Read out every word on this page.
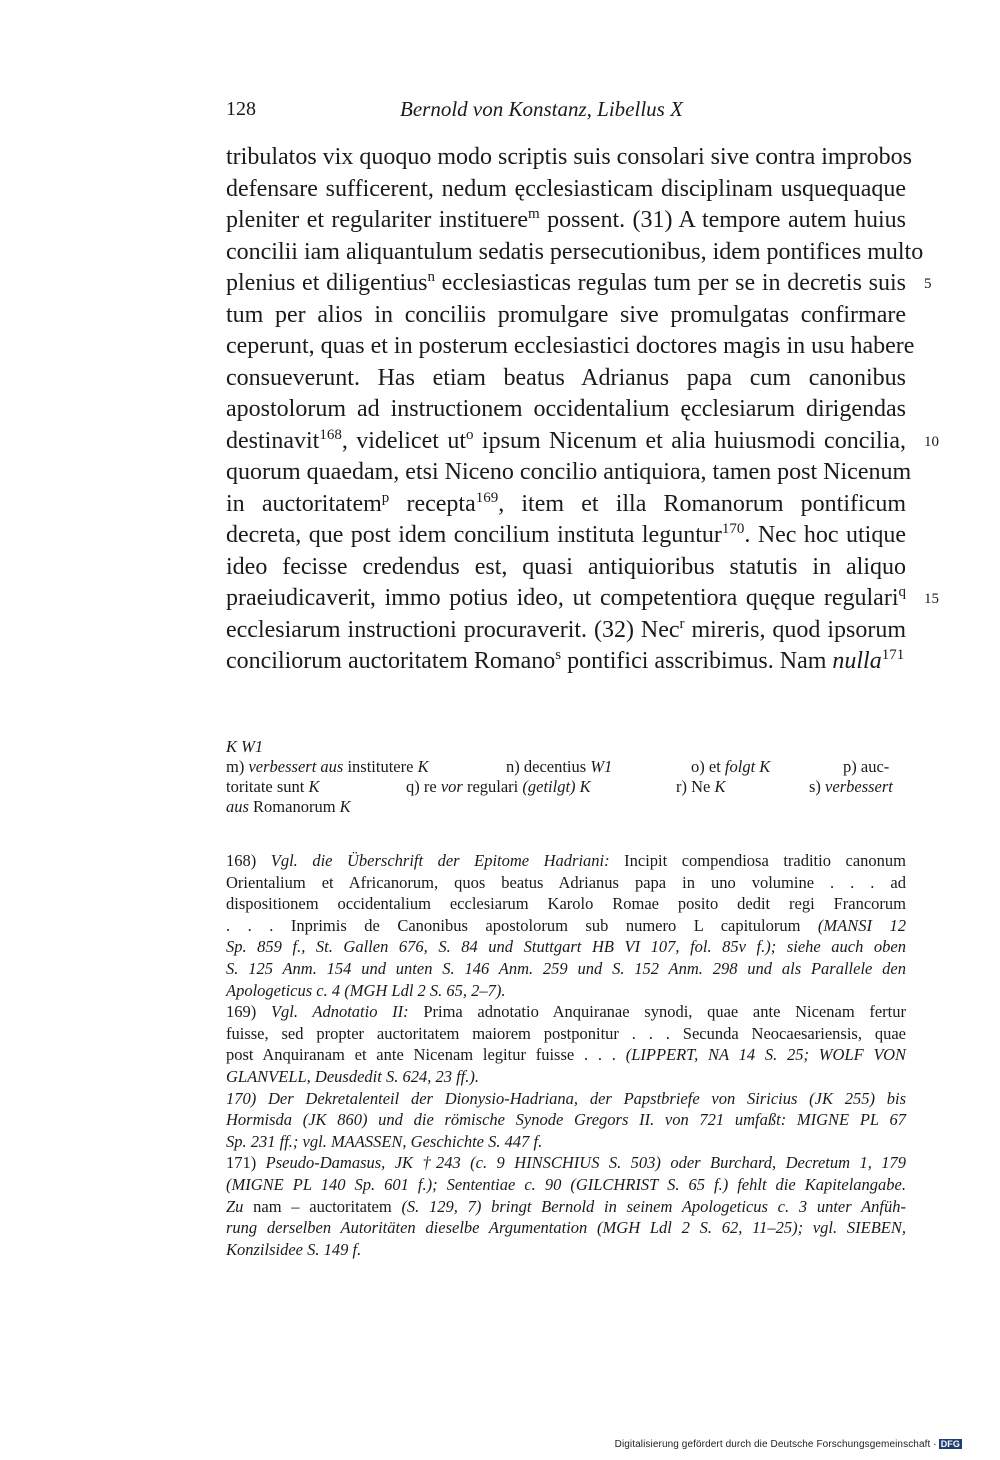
128	Bernold von Konstanz, Libellus X
tribulatos vix quoquo modo scriptis suis consolari sive contra improbos
defensare sufficerent, nedum ęcclesiasticam disciplinam usquequaque
pleniter et regulariter instituere$^m$ possent. (31) A tempore autem huius
concilii iam aliquantulum sedatis persecutionibus, idem pontifices multo
plenius et diligentius$^n$ ecclesiasticas regulas tum per se in decretis suis
tum per alios in conciliis promulgare sive promulgatas confirmare
ceperunt, quas et in posterum ecclesiastici doctores magis in usu habere
consueverunt. Has etiam beatus Adrianus papa cum canonibus
apostolorum ad instructionem occidentalium ęcclesiarum dirigendas
destinavit$^{168}$, videlicet $ut^o$ ipsum Nicenum et alia huiusmodi concilia,
quorum quaedam, etsi Niceno concilio antiquiora, tamen post Nicenum
in auctoritatem$^p$ recepta$^{169}$, item et illa Romanorum pontificum
decreta, que post idem concilium instituta leguntur$^{170}$. Nec hoc utique
ideo fecisse credendus est, quasi antiquioribus statutis in aliquo
praeiudicaverit, immo potius ideo, ut competentiora quęque regulari$^q$
ecclesiarum instructioni procuraverit. (32) Nec$^r$ mireris, quod ipsorum
conciliorum auctoritatem Romano$^s$ pontifici asscribimus. Nam nulla$^{171}$
5
10
15
K W1
m) verbessert aus institutere K	n) decentius W1	o) et folgt K	p) auc-
toritate sunt K	q) re vor regulari (getilgt) K	r) Ne K	s) verbessert
aus Romanorum K
168) Vgl. die Überschrift der Epitome Hadriani: Incipit compendiosa traditio canonum
Orientalium et Africanorum, quos beatus Adrianus papa in uno volumine . . . ad
dispositionem occidentalium ecclesiarum Karolo Romae posito dedit regi Francorum
. . . Inprimis de Canonibus apostolorum sub numero L capitulorum (MANSI 12
Sp. 859 f., St. Gallen 676, S. 84 und Stuttgart HB VI 107, fol. 85v f.); siehe auch oben
S. 125 Anm. 154 und unten S. 146 Anm. 259 und S. 152 Anm. 298 und als Parallele den
Apologeticus c. 4 (MGH Ldl 2 S. 65, 2–7).
169) Vgl. Adnotatio II: Prima adnotatio Anquiranae synodi, quae ante Nicenam fertur
fuisse, sed propter auctoritatem maiorem postponitur . . . Secunda Neocaesariensis, quae
post Anquiranam et ante Nicenam legitur fuisse . . . (LIPPERT, NA 14 S. 25; WOLF VON
GLANVELL, Deusdedit S. 624, 23 ff.).
170) Der Dekretalenteil der Dionysio-Hadriana, der Papstbriefe von Siricius (JK 255) bis
Hormisda (JK 860) und die römische Synode Gregors II. von 721 umfaßt: MIGNE PL 67
Sp. 231 ff.; vgl. MAASSEN, Geschichte S. 447 f.
171) Pseudo-Damasus, JK †243 (c. 9 HINSCHIUS S. 503) oder Burchard, Decretum 1, 179
(MIGNE PL 140 Sp. 601 f.); Sententiae c. 90 (GILCHRIST S. 65 f.) fehlt die Kapitelangabe.
Zu nam – auctoritatem (S. 129, 7) bringt Bernold in seinem Apologeticus c. 3 unter Anfüh-
rung derselben Autoritäten dieselbe Argumentation (MGH Ldl 2 S. 62, 11–25); vgl. SIEBEN,
Konzilsidee S. 149 f.
Digitalisierung gefördert durch die Deutsche Forschungsgemeinschaft · DFG
